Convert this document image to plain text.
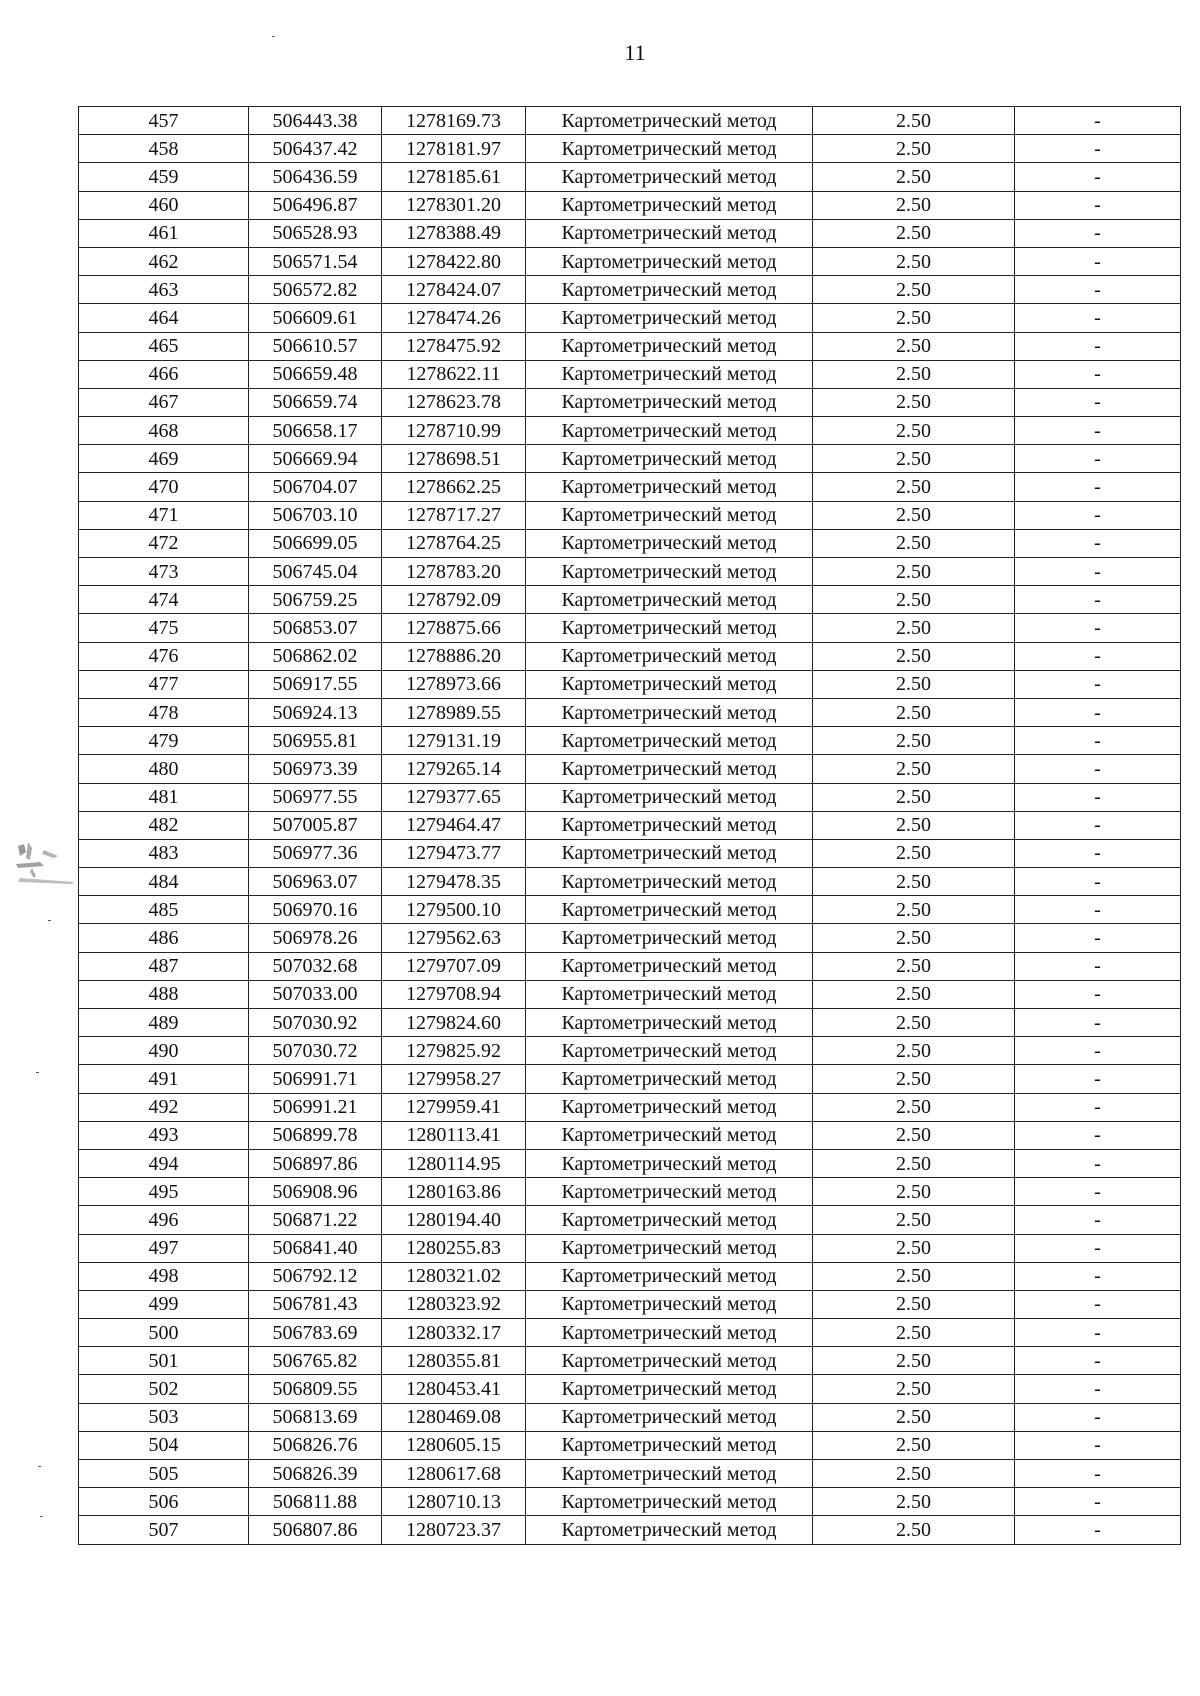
11
457	506443.38	1278169.73	Картометрический метод	2.50	-
458	506437.42	1278181.97	Картометрический метод	2.50	-
459	506436.59	1278185.61	Картометрический метод	2.50	-
460	506496.87	1278301.20	Картометрический метод	2.50	-
461	506528.93	1278388.49	Картометрический метод	2.50	-
462	506571.54	1278422.80	Картометрический метод	2.50	-
463	506572.82	1278424.07	Картометрический метод	2.50	-
464	506609.61	1278474.26	Картометрический метод	2.50	-
465	506610.57	1278475.92	Картометрический метод	2.50	-
466	506659.48	1278622.11	Картометрический метод	2.50	-
467	506659.74	1278623.78	Картометрический метод	2.50	-
468	506658.17	1278710.99	Картометрический метод	2.50	-
469	506669.94	1278698.51	Картометрический метод	2.50	-
470	506704.07	1278662.25	Картометрический метод	2.50	-
471	506703.10	1278717.27	Картометрический метод	2.50	-
472	506699.05	1278764.25	Картометрический метод	2.50	-
473	506745.04	1278783.20	Картометрический метод	2.50	-
474	506759.25	1278792.09	Картометрический метод	2.50	-
475	506853.07	1278875.66	Картометрический метод	2.50	-
476	506862.02	1278886.20	Картометрический метод	2.50	-
477	506917.55	1278973.66	Картометрический метод	2.50	-
478	506924.13	1278989.55	Картометрический метод	2.50	-
479	506955.81	1279131.19	Картометрический метод	2.50	-
480	506973.39	1279265.14	Картометрический метод	2.50	-
481	506977.55	1279377.65	Картометрический метод	2.50	-
482	507005.87	1279464.47	Картометрический метод	2.50	-
483	506977.36	1279473.77	Картометрический метод	2.50	-
484	506963.07	1279478.35	Картометрический метод	2.50	-
485	506970.16	1279500.10	Картометрический метод	2.50	-
486	506978.26	1279562.63	Картометрический метод	2.50	-
487	507032.68	1279707.09	Картометрический метод	2.50	-
488	507033.00	1279708.94	Картометрический метод	2.50	-
489	507030.92	1279824.60	Картометрический метод	2.50	-
490	507030.72	1279825.92	Картометрический метод	2.50	-
491	506991.71	1279958.27	Картометрический метод	2.50	-
492	506991.21	1279959.41	Картометрический метод	2.50	-
493	506899.78	1280113.41	Картометрический метод	2.50	-
494	506897.86	1280114.95	Картометрический метод	2.50	-
495	506908.96	1280163.86	Картометрический метод	2.50	-
496	506871.22	1280194.40	Картометрический метод	2.50	-
497	506841.40	1280255.83	Картометрический метод	2.50	-
498	506792.12	1280321.02	Картометрический метод	2.50	-
499	506781.43	1280323.92	Картометрический метод	2.50	-
500	506783.69	1280332.17	Картометрический метод	2.50	-
501	506765.82	1280355.81	Картометрический метод	2.50	-
502	506809.55	1280453.41	Картометрический метод	2.50	-
503	506813.69	1280469.08	Картометрический метод	2.50	-
504	506826.76	1280605.15	Картометрический метод	2.50	-
505	506826.39	1280617.68	Картометрический метод	2.50	-
506	506811.88	1280710.13	Картометрический метод	2.50	-
507	506807.86	1280723.37	Картометрический метод	2.50	-
